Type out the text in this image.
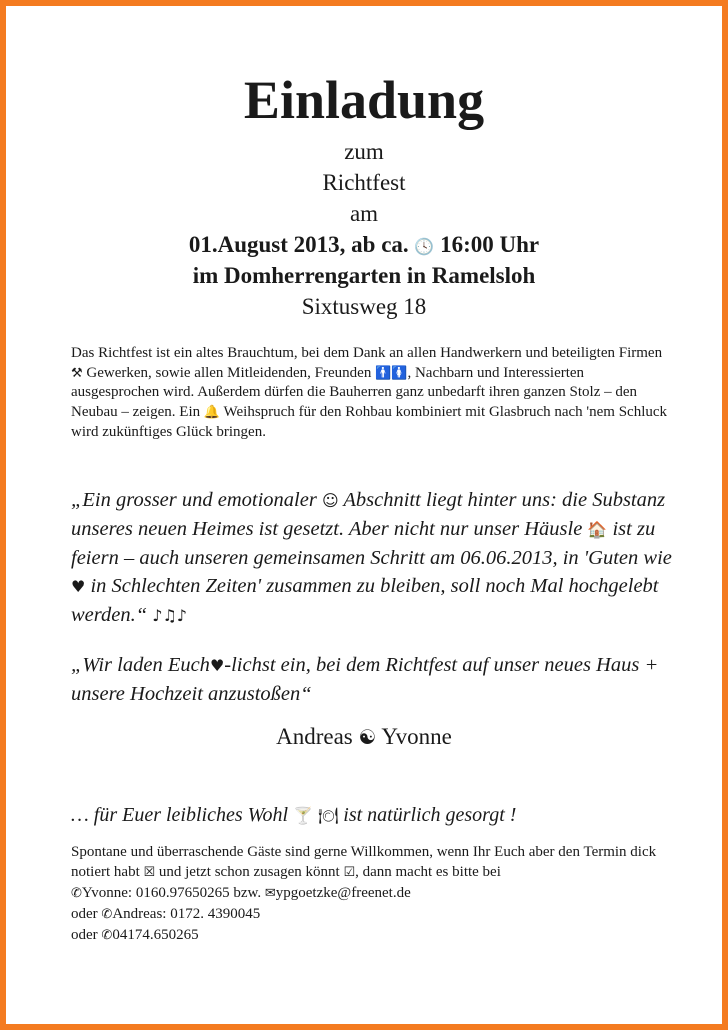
Einladung
zum
Richtfest
am
01.August 2013, ab ca. 🕓 16:00 Uhr
im Domherrengarten in Ramelsloh
Sixtusweg 18
Das Richtfest ist ein altes Brauchtum, bei dem Dank an allen Handwerkern und beteiligten Firmen ⚒ Gewerken, sowie allen Mitleidenden, Freunden 🚹🚺, Nachbarn und Interessierten ausgesprochen wird. Außerdem dürfen die Bauherren ganz unbedarft ihren ganzen Stolz – den Neubau – zeigen. Ein 🔔 Weihspruch für den Rohbau kombiniert mit Glasbruch nach 'nem Schluck wird zukünftiges Glück bringen.
„Ein grosser und emotionaler ☺ Abschnitt liegt hinter uns: die Substanz unseres neuen Heimes ist gesetzt. Aber nicht nur unser Häusle 🏠 ist zu feiern – auch unseren gemeinsamen Schritt am 06.06.2013, in 'Guten wie ♥ in Schlechten Zeiten' zusammen zu bleiben, soll noch Mal hochgelebt werden.“ ♪♫♪
„Wir laden Euch♥-lichst ein, bei dem Richtfest auf unser neues Haus + unsere Hochzeit anzustoßen“
Andreas ☯ Yvonne
… für Euer leibliches Wohl 🍸 🍽 ist natürlich gesorgt !
Spontane und überraschende Gäste sind gerne Willkommen, wenn Ihr Euch aber den Termin dick notiert habt ☒ und jetzt schon zusagen könnt ☑, dann macht es bitte bei
✆Yvonne: 0160.97650265 bzw. ✉ypgoetzke@freenet.de
oder ✆Andreas: 0172. 4390045
oder ✆04174.650265
